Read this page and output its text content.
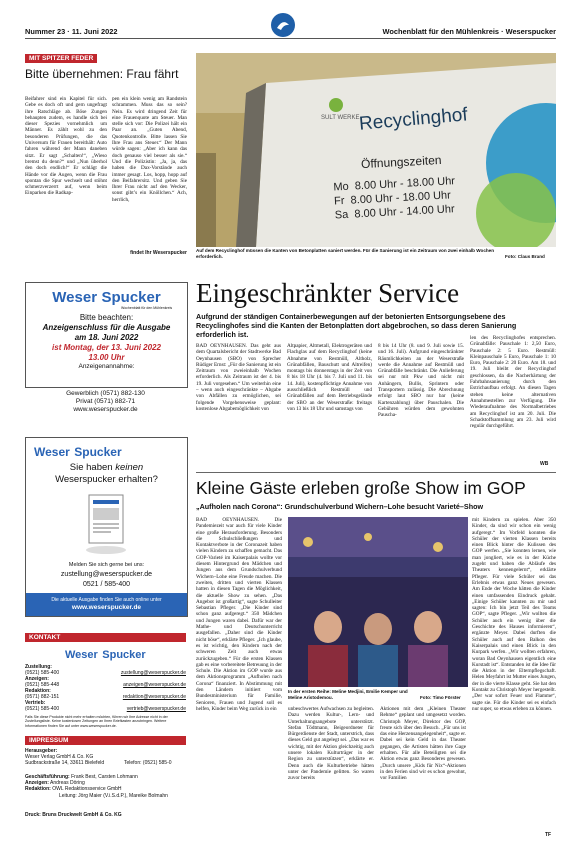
Nummer 23 · 11. Juni 2022	Wochenblatt für den Mühlenkreis · Weserspucker
MIT SPITZER FEDER
Bitte übernehmen: Frau fährt
Beifahrer sind ein Kapitel für sich. Gebe es doch oft und gern ungefragt ihre Ratschläge ab. Böse Zungen behaupten zudem, es handle sich bei dieser Spezies vornehmlich um Männer. Es zählt wohl zu den besonderen Prüfungen, die das Universum für Frauen bereithält: Auto fahren während der Mann daneben sitzt. Er sagt „Schalten!“, „Wieso bremst du denn?“ und „Nun überhol den doch endlich!“ Er schlägt die Hände vor die Augen, wenn die Frau spontan die Spur wechselt und stöhnt schmerzverzerrt auf, wenn beim Einparken die Radkap-
pen ein klein wenig am Randstein schrammen. Muss das so sein? Nein. Es wird dringend Zeit für eine Frauenquote am Steuer. Man stelle sich vor: Die Polizei hält ein Paar an. „Guten Abend, Quotenkontrolle. Bitte lassen Sie Ihre Frau ans Steuer.“ Der Mann würde sagen: „Aber ich kann das doch genauso viel besser als sie.“ Und die Polizistin: „Ja, ja, das haben die Dax-Vorstände auch immer gesagt. Los, hopp, hopp auf den Beifahrersitz. Und geben Sie Ihrer Frau nicht auf den Wecker, sonst gibt’s ein Knöllchen.“ Ach, herrlich,
findet Ihr Weserspucker
SULT WERKE
Recyclinghof
Öffnungszeiten
Mo 8.00 Uhr - 18.00 Uhr
Fr 8.00 Uhr - 18.00 Uhr
Sa 8.00 Uhr - 14.00 Uhr
Auf dem Recyclinghof müssen die Kanten von Betonplatten saniert werden. Für die Sanierung ist ein Zeitraum von zwei einhalb Wochen erforderlich.	Foto: Claus Brand
Weser Spucker
Wochenblatt für den Mühlenkreis
Bitte beachten:
Anzeigenschluss für die Ausgabe
am 18. Juni 2022
ist Montag, der 13. Juni 2022
13.00 Uhr
Anzeigenannahme:
Gewerblich (0571) 882-130
Privat (0571) 882-71
www.weserspucker.de
Weser Spucker
Sie haben keinen
Weserspucker erhalten?
Melden Sie sich gerne bei uns:
zustellung@weserspucker.de
0521 / 585-400
Die aktuelle Ausgabe finden Sie auch online unter
www.weserspucker.de
KONTAKT
Weser Spucker
Zustellung:
(0521) 585-400	zustellung@weserspucker.de
Anzeigen:
(0521) 585-448	anzeigen@weserspucker.de
Redaktion:
(0571) 882-151	redaktion@weserspucker.de
Vertrieb:
(0521) 585-400	vertrieb@weserspucker.de
Falls Sie diese Produkte nicht mehr erhalten möchten, führen wir Ihre Adresse nicht in der Zustellungsliste. Keine kostenlosen Zeitungen an Ihren Briefkasten anzubringen. Weitere Informationen finden Sie auf unter www.weserspucker.de.
IMPRESSUM
Herausgeber:
Weser Verlag GmbH & Co. KG
Sudbrackstraße 14, 33611 Bielefeld	Telefon: (0521) 585-0
Geschäftsführung: Frank Best, Carsten Lohmann
Anzeigen: Andreas Döring
Redaktion: OWL Redaktionsservice GmbH
Leitung: Jörg Maier (V.i.S.d.P.), Mareike Bolmahn
Druck: Bruns Druckwelt GmbH & Co. KG
Eingeschränkter Service
Aufgrund der ständigen Containerbewegungen auf der betonierten Entsorgungsebene des Recyclinghofes sind die Kanten der Betonplatten dort abgebrochen, so dass deren Sanierung erforderlich ist.
BAD OEYNHAUSEN. Das geht aus dem Quartalsbericht der Stadtwerke Bad Oeynhausen (SBO) von Sprecher Rüdiger Ernst: „Für die Sanierung ist ein Zeitraum von zweieinhalb Wochen erforderlich. Als Zeitraum ist der 4. bis 19. Juli vorgesehen.“ Um weiterhin eine – wenn auch eingeschränkte – Abgabe von Abfällen zu ermöglichen, sei folgende Vorgehensweise geplant: kostenlose Abgabemöglichkeit von
Altpapier, Altmetall, Elektrogeräten und Flachglas auf dem Recyclinghof (keine Abnahme von Restmüll, Altholz, Grünabfällen, Bauschutt und Altreifen) montags bis donnerstags in der Zeit von 8 bis 18 Uhr (4. bis 7. Juli und 11. bis 14. Juli), kostenpflichtige Annahme von ausschließlich Restmüll und Grünabfällen auf dem Betriebsgelände der SBO an der Weserstraße: freitags von 13 bis 18 Uhr und samstags von
8 bis 14 Uhr (8. und 9. Juli sowie 15. und 16. Juli). Aufgrund eingeschränkter Räumlichkeiten an der Weserstraße werde die Annahme auf Restmüll und Grünabfälle beschränkt. Die Anlieferung sei nur mit Pkw und nicht mit Anhängern, Bullis, Sprintern oder Transportern zulässig. Die Abrechnung erfolgt laut SBO nur bar (keine Kartenzahlung) über Pauschalen. Die Gebühren würden dem gewohnten Pauscha-
len des Recyclinghofes entsprechen. Grünabfälle: Pauschale 1: 2,50 Euro, Pauschale 2: 5 Euro. Restmüll: Kleinpauschale 5 Euro, Pauschale 1: 10 Euro, Pauschale 2: 20 Euro. Am 18. und 19. Juli bleibt der Recyclinghof geschlossen, da die Nacherhärtung der Fahrbahnsanierung durch den Estrichaufbau erfolgt. An diesen Tagen stehen keine alternativen Annahmestellen zur Verfügung. Die Wiederaufnahme des Normalbetriebes am Recyclinghof ist am 20. Juli. Die Schadstoffsammlung am 23. Juli wird regulär durchgeführt.
WB
Kleine Gäste erleben große Show im GOP
„Aufholen nach Corona“: Grundschulverbund Wichern–Lohe besucht Varieté–Show
BAD OEYNHAUSEN. Die Pandemiezeit war auch für viele Kinder eine große Herausforderung. Besonders die Schulschließungen und Kontaktverbote in der Coronazeit haben vielen Kindern zu schaffen gemacht. Das GOP-Varieté im Kaiserpalais wollte vor diesem Hintergrund den Mädchen und Jungen aus dem Grundschulverbund Wichern–Lohe eine Freude machen. Die zweiten, dritten und vierten Klassen hatten in diesen Tagen die Möglichkeit, die aktuelle Show zu sehen. „Das Angebot ist großartig“, sagte Schulleiter Sebastian Pfleger. „Die Kinder sind schon ganz aufgeregt.“ 350 Mädchen und Jungen waren dabei. Dafür war der Mathe- und Deutschunterricht ausgefallen. „Daher sind die Kinder nicht böse“, erklärte Pfleger. „Ich glaube, es ist wichtig, den Kindern nach der schweren Zeit auch etwas zurückzugeben.“ Für die ersten Klassen gab es eine vorbereitete Betreuung in der Schule. Die Aktion im GOP wurde aus dem Aktionsprogramm „Aufholen nach Corona“ finanziert. In Abstimmung mit den Ländern initiiert vom Bundesministerium für Familie, Senioren, Frauen und Jugend soll es helfen, Kinder beim Weg zurück in ein
In der ersten Reihe: Meline Medjini, Emilie Kemper und Meline Aristodemou.	Foto: Timo Förster
unbeschwertes Aufwachsen zu begleiten. Dazu werden Kultur-, Lern- und Unterhaltungsangebote unterstützt. Stefan Tödtmann, Beigeordneter für Bürgerdienste der Stadt, unterstrich, dass dieses Geld gut angelegt sei. „Das war es wichtig, mit der Aktion gleichzeitig auch unsere lokalen Kulturträger in der Region zu unterstützen“, erklärte er. Denn auch die Kulturbetriebe hätten unter der Pandemie gelitten. So waren zuvor bereits
Aktionen mit dem „Kleinen Theater Rehme“ geplant und umgesetzt worden. Christoph Meyer, Direktor des GOP, freute sich über den Besuch. „Für uns ist das eine Herzensangelegenheit“, sagte er. Dabei sei kein Geld in das Theater gegangen, die Artisten hätten ihre Gage erhalten. Für alle Beteiligten sei die Aktion etwas ganz Besonderes gewesen. „Durch unsere „Kids für Nix“-Aktionen in den Ferien sind wir es schon gewohnt, vor Familien
mit Kindern zu spielen. Aber 350 Kinder, da sind wir schon ein wenig aufgeregt.“ Im Vorfeld konnten die Schüler der vierten Klassen bereits einen Blick hinter die Kulissen des GOP werfen. „Sie konnten lernen, wie man jongliert, wie es in der Küche zugeht und haben die Abläufe des Theaters kennengelernt“, erklärte Pfleger. Für viele Schüler sei das Erlebnis etwas ganz Neues gewesen. Am Ende der Woche hätten die Kinder einen umfassenden Eindruck gehabt. „Einige Schüler kannten zu mir und sagten: Ich bin jetzt Teil des Teams GOP“, sagte Pfleger. „Wir wollten die Schüler auch ein wenig über die Geschichte des Hauses informieren“, ergänzte Meyer. Dabei durften die Schüler auch auf den Balkon des Kaiserpalais und einen Blick in den Kurpark werfen. „Wir wollten erfahren, woran Bad Oeynhausen eigentlich eine Kurstadt ist“. Entstanden ist die Idee für die Aktion in der Elternpflegschaft. Helen Meyfahrt ist Mutter eines Jungen, der in die vierte Klasse geht. Sie hat den Kontakt zu Christoph Meyer hergestellt. „Der war sofort Feuer und Flamme“, sagte sie. Für die Kinder sei es einfach nur super, so etwas erleben zu können.
TF
